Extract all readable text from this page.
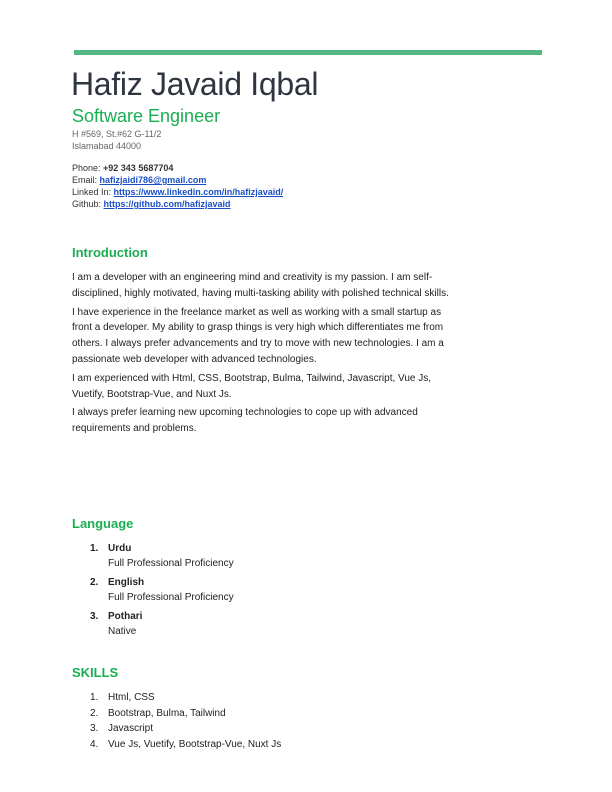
Hafiz Javaid Iqbal
Software Engineer
H #569, St.#62 G-11/2
Islamabad 44000
Phone: +92 343 5687704
Email: hafizjaidi786@gmail.com
Linked In: https://www.linkedin.com/in/hafizjavaid/
Github: https://github.com/hafizjavaid
Introduction

I am a developer with an engineering mind and creativity is my passion. I am self-disciplined, highly motivated, having multi-tasking ability with polished technical skills.

I have experience in the freelance market as well as working with a small startup as front a developer. My ability to grasp things is very high which differentiates me from others. I always prefer advancements and try to move with new technologies. I am a passionate web developer with advanced technologies.

I am experienced with Html, CSS, Bootstrap, Bulma, Tailwind, Javascript, Vue Js, Vuetify, Bootstrap-Vue, and Nuxt Js.

I always prefer learning new upcoming technologies to cope up with advanced requirements and problems.

Language
1. Urdu
Full Professional Proficiency
2. English
Full Professional Proficiency
3. Pothari
Native
SKILLS
1. Html, CSS
2. Bootstrap, Bulma, Tailwind
3. Javascript
4. Vue Js, Vuetify, Bootstrap-Vue, Nuxt Js
